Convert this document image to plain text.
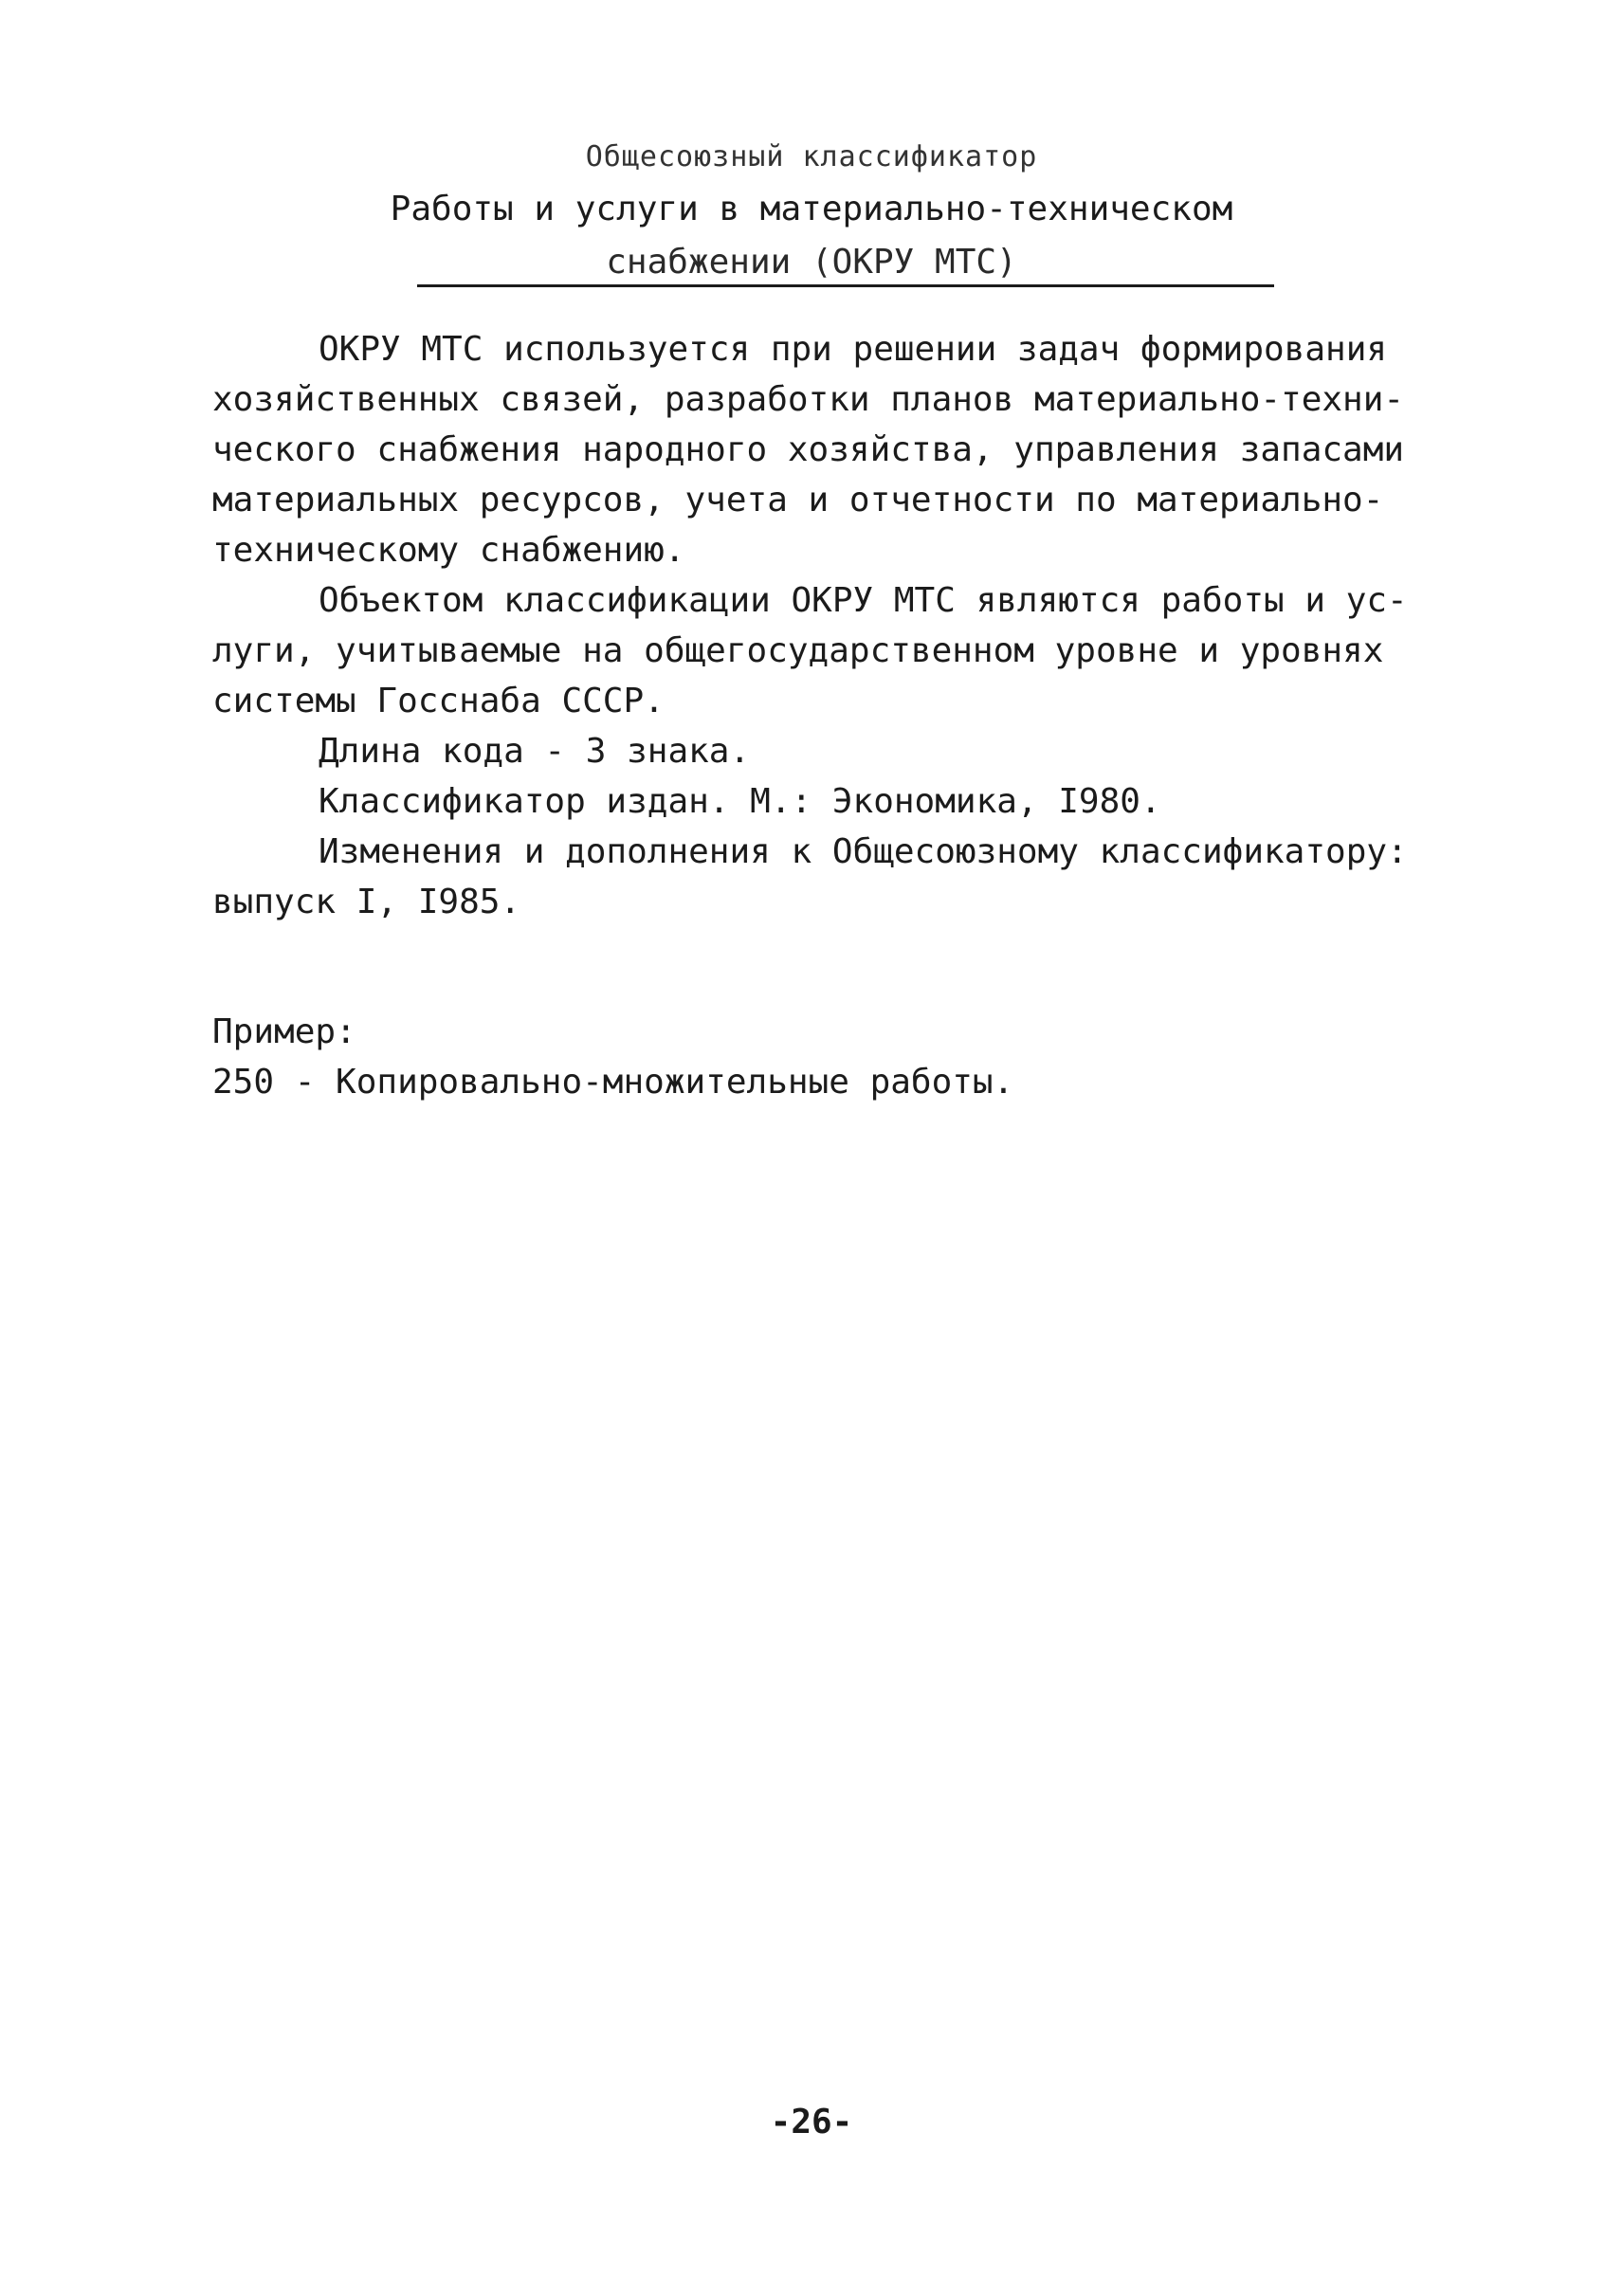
Общесоюзный классификатор
Работы и услуги в материально-техническом
снабжении (ОКРУ МТС)
ОКРУ МТС используется при решении задач формирования
хозяйственных связей, разработки планов материально-техни-
ческого снабжения народного хозяйства, управления запасами
материальных ресурсов, учета и отчетности по материально-
техническому снабжению.
Объектом классификации ОКРУ МТС являются работы и ус-
луги, учитываемые на общегосударственном уровне и уровнях
системы Госснаба СССР.
Длина кода - 3 знака.
Классификатор издан. М.: Экономика, I980.
Изменения и дополнения к Общесоюзному классификатору:
выпуск I, I985.
Пример:
250 - Копировально-множительные работы.
-26-
